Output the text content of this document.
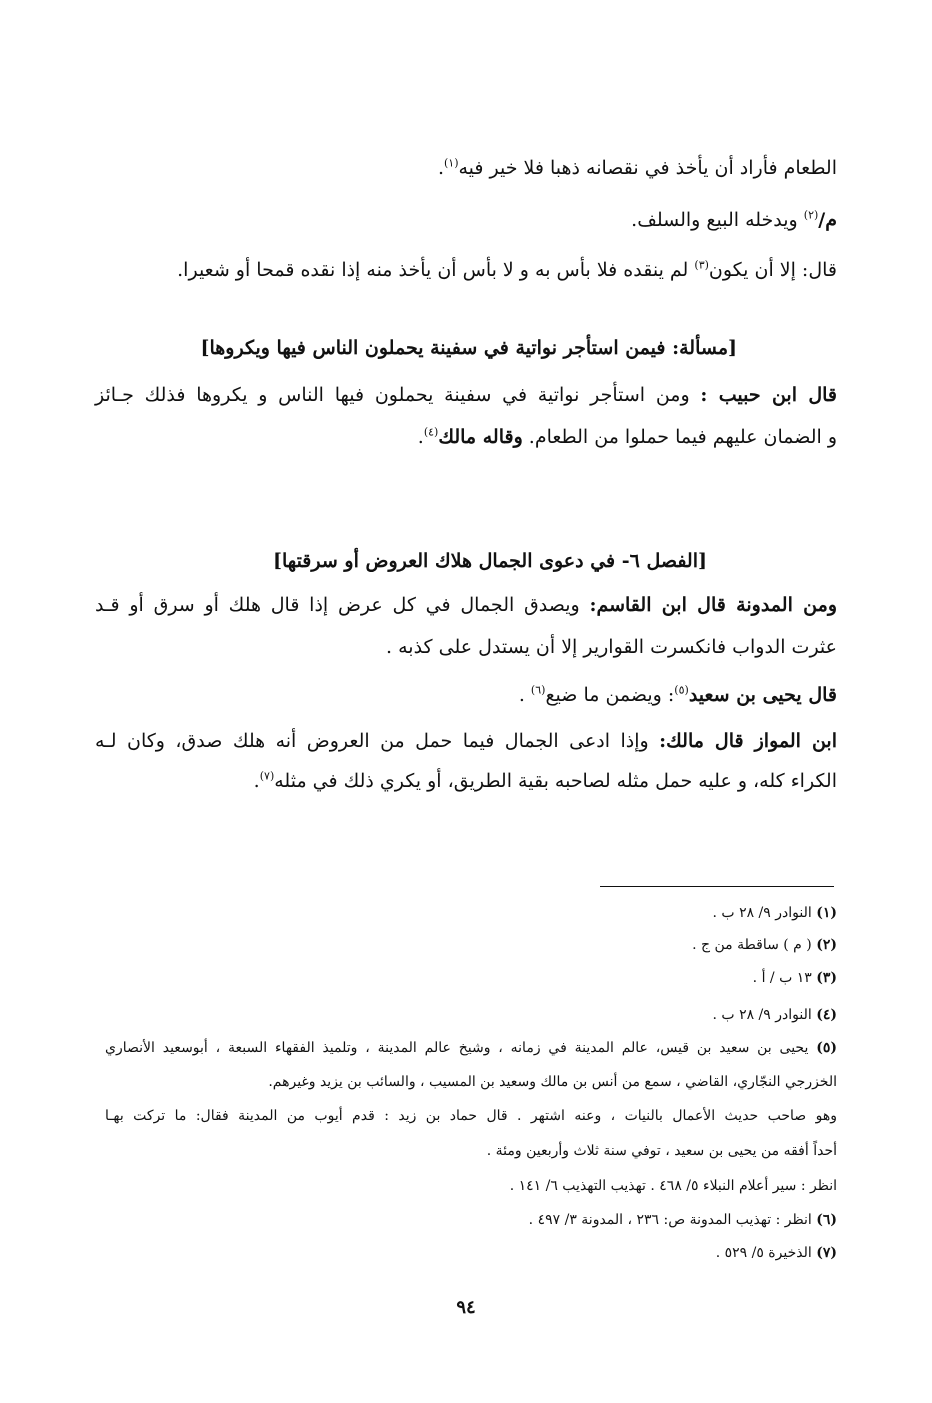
الطعام فأراد أن يأخذ في نقصانه ذهبا فلا خير فيه$^{(١)}$.
م/$^{(٢)}$ ويدخله البيع والسلف.
قال: إلا أن يكون$^{(٣)}$ لم ينقده فلا بأس به و لا بأس أن يأخذ منه إذا نقده قمحا أو شعيرا.
[مسألة: فيمن استأجر نواتية في سفينة يحملون الناس فيها ويكروها]
قال ابن حبيب : ومن استأجر نواتية في سفينة يحملون فيها الناس و يكروها فذلك جـائز
و الضمان عليهم فيما حملوا من الطعام. وقاله مالك$^{(٤)}$.
[الفصل ٦- في دعوى الجمال هلاك العروض أو سرقتها]
ومن المدونة قال ابن القاسم: ويصدق الجمال في كل عرض إذا قال هلك أو سرق أو قـد
عثرت الدواب فانكسرت القوارير إلا أن يستدل على كذبه .
قال يحيى بن سعيد$^{(٥)}$: ويضمن ما ضيع$^{(٦)}$ .
ابن المواز قال مالك: وإذا ادعى الجمال فيما حمل من العروض أنه هلك صدق، وكان لـه
الكراء كله، و عليه حمل مثله لصاحبه بقية الطريق، أو يكري ذلك في مثله$^{(٧)}$.
(١) النوادر ٩/ ٢٨ ب .
(٢) ( م ) ساقطة من ج .
(٣) ١٣ ب / أ .
(٤) النوادر ٩/ ٢٨ ب .
(٥) يحيى بن سعيد بن قيس، عالم المدينة في زمانه ، وشيخ عالم المدينة ، وتلميذ الفقهاء السبعة ، أبوسعيد الأنصاري
الخزرجي النجّاري، القاضي ، سمع من أنس بن مالك وسعيد بن المسيب ، والسائب بن يزيد وغيرهم.
وهو صاحب حديث الأعمال بالنيات ، وعنه اشتهر . قال حماد بن زيد : قدم أيوب من المدينة فقال: ما تركت بهـا
أحداً أفقه من يحيى بن سعيد ، توفي سنة ثلاث وأربعين ومئة .
انظر : سير أعلام النبلاء ٥/ ٤٦٨ . تهذيب التهذيب ٦/ ١٤١ .
(٦) انظر : تهذيب المدونة ص: ٢٣٦ ، المدونة ٣/ ٤٩٧ .
(٧) الذخيرة ٥/ ٥٢٩ .
٩٤
